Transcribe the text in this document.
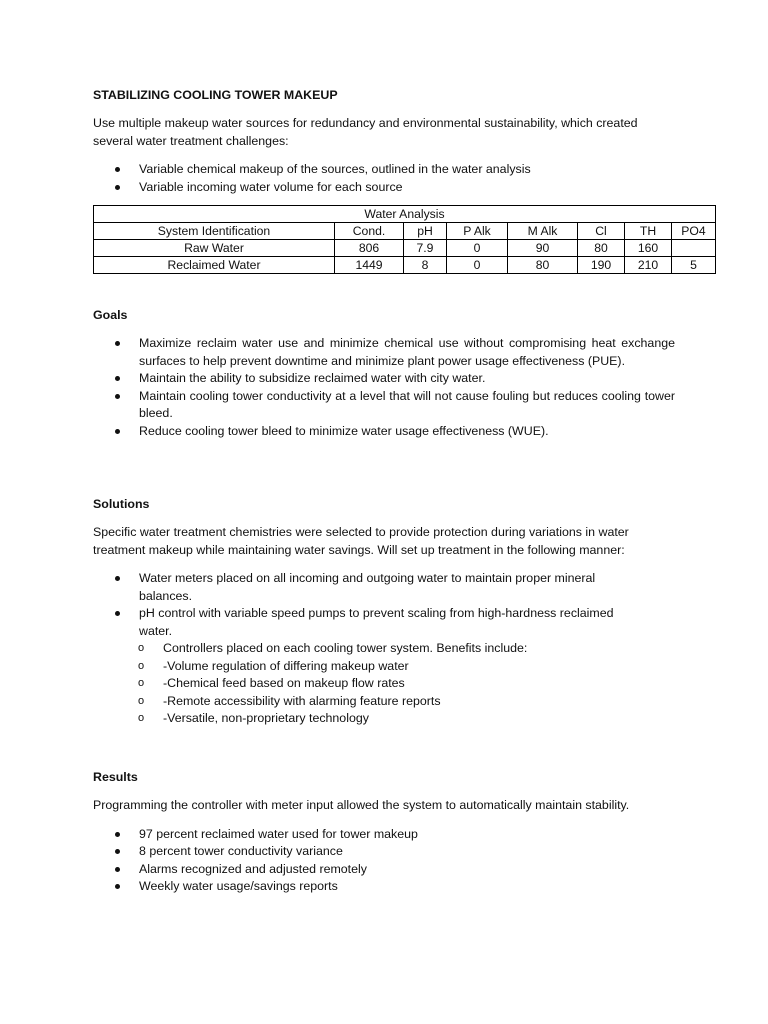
STABILIZING COOLING TOWER MAKEUP

Use multiple makeup water sources for redundancy and environmental sustainability, which created several water treatment challenges:

Variable chemical makeup of the sources, outlined in the water analysis
Variable incoming water volume for each source
Water Analysis							
System Identification	Cond.	pH	P Alk	M Alk	Cl	TH	PO4
Raw Water	806	7.9	0	90	80	160	
Reclaimed Water	1449	8	0	80	190	210	5
Goals
Maximize reclaim water use and minimize chemical use without compromising heat exchange surfaces to help prevent downtime and minimize plant power usage effectiveness (PUE).
Maintain the ability to subsidize reclaimed water with city water.
Maintain cooling tower conductivity at a level that will not cause fouling but reduces cooling tower bleed.
Reduce cooling tower bleed to minimize water usage effectiveness (WUE).
Solutions

Specific water treatment chemistries were selected to provide protection during variations in water treatment makeup while maintaining water savings. Will set up treatment in the following manner:

Water meters placed on all incoming and outgoing water to maintain proper mineral balances.
pH control with variable speed pumps to prevent scaling from high-hardness reclaimed water.
o Controllers placed on each cooling tower system. Benefits include:
o -Volume regulation of differing makeup water
o -Chemical feed based on makeup flow rates
o -Remote accessibility with alarming feature reports
o -Versatile, non-proprietary technology
Results

Programming the controller with meter input allowed the system to automatically maintain stability.

97 percent reclaimed water used for tower makeup
8 percent tower conductivity variance
Alarms recognized and adjusted remotely
Weekly water usage/savings reports
